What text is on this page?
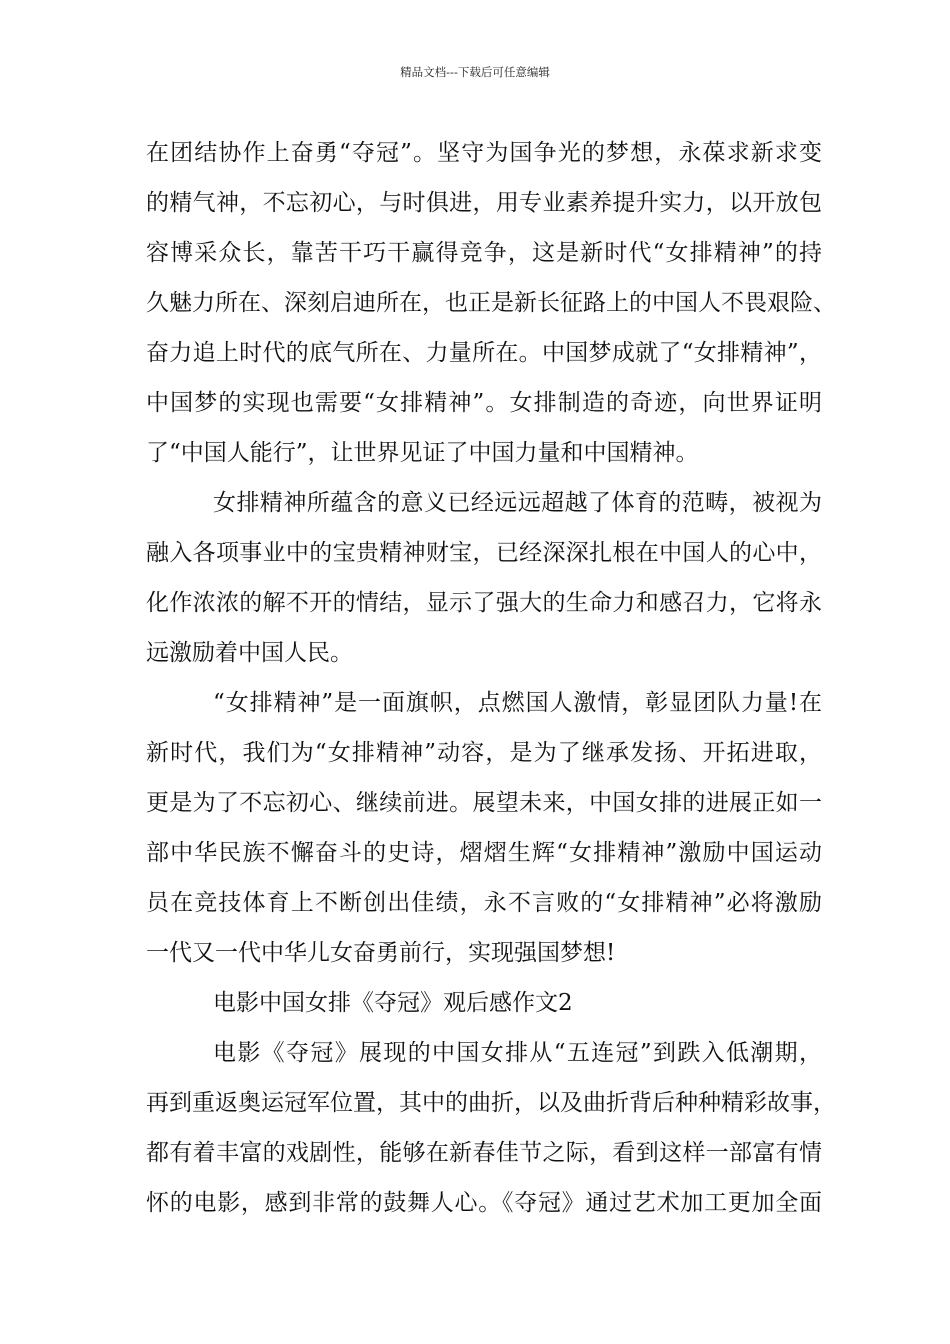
精品文档---下载后可任意编辑
在团结协作上奋勇“夺冠”。坚守为国争光的梦想，永葆求新求变
的精气神，不忘初心，与时俱进，用专业素养提升实力，以开放包
容博采众长，靠苦干巧干赢得竞争，这是新时代“女排精神”的持
久魅力所在、深刻启迪所在，也正是新长征路上的中国人不畏艰险、
奋力追上时代的底气所在、力量所在。中国梦成就了“女排精神”，
中国梦的实现也需要“女排精神”。女排制造的奇迹，向世界证明
了“中国人能行”，让世界见证了中国力量和中国精神。
女排精神所蕴含的意义已经远远超越了体育的范畴，被视为
融入各项事业中的宝贵精神财宝，已经深深扎根在中国人的心中，
化作浓浓的解不开的情结，显示了强大的生命力和感召力，它将永
远激励着中国人民。
“女排精神”是一面旗帜，点燃国人激情，彰显团队力量!在
新时代，我们为“女排精神”动容，是为了继承发扬、开拓进取，
更是为了不忘初心、继续前进。展望未来，中国女排的进展正如一
部中华民族不懈奋斗的史诗，熠熠生辉“女排精神”激励中国运动
员在竞技体育上不断创出佳绩，永不言败的“女排精神”必将激励
一代又一代中华儿女奋勇前行，实现强国梦想!
电影中国女排《夺冠》观后感作文2
电影《夺冠》展现的中国女排从“五连冠”到跌入低潮期，
再到重返奥运冠军位置，其中的曲折，以及曲折背后种种精彩故事，
都有着丰富的戏剧性，能够在新春佳节之际，看到这样一部富有情
怀的电影，感到非常的鼓舞人心。《夺冠》通过艺术加工更加全面
